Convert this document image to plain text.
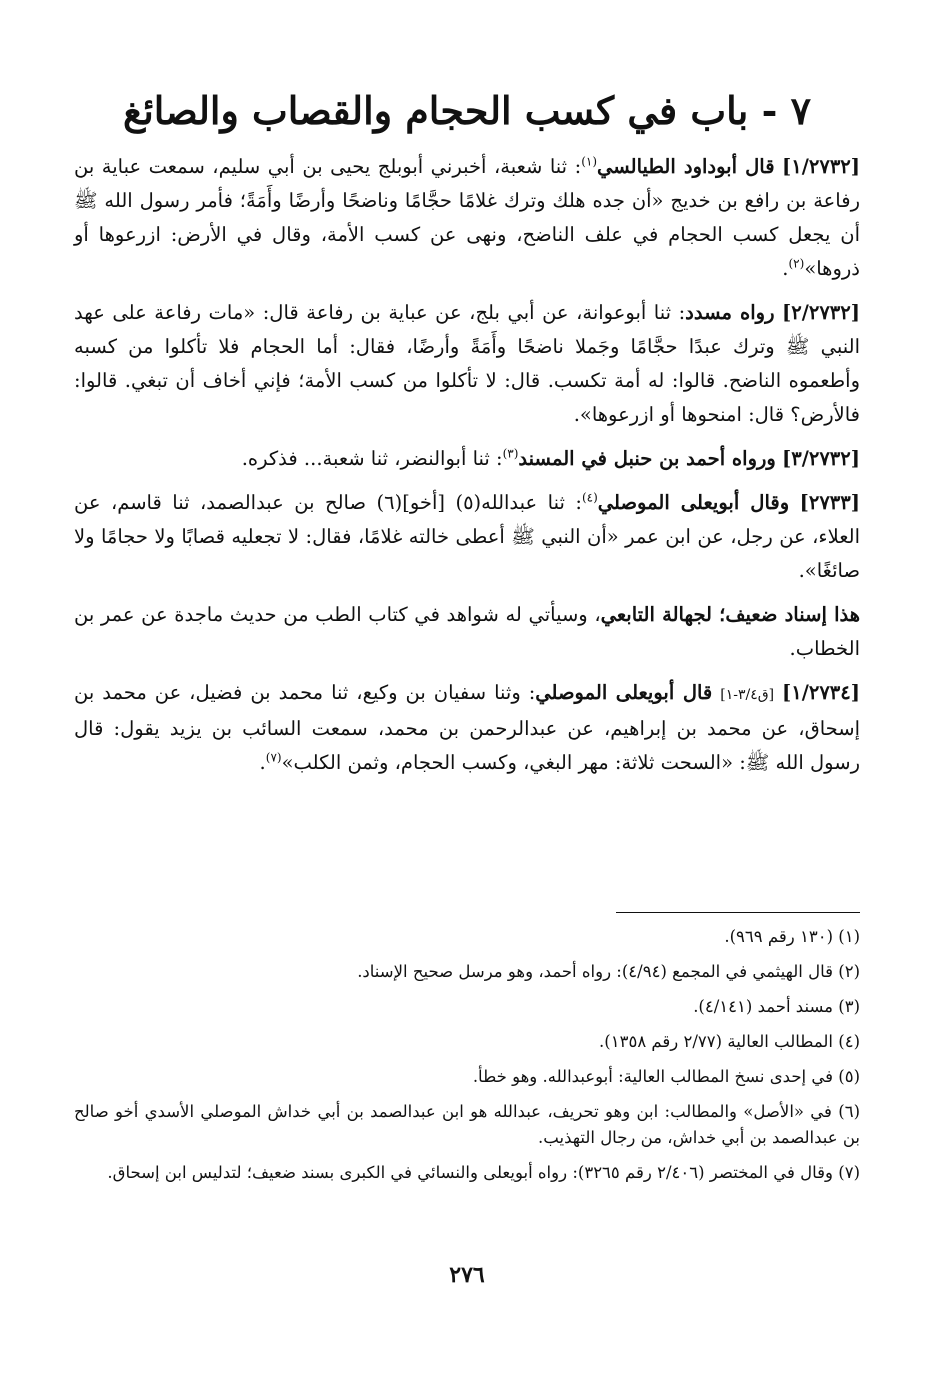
٧ - باب في كسب الحجام والقصاب والصائغ

[١/٢٧٣٢] قال أبوداود الطيالسي$^{(١)}$: ثنا شعبة، أخبرني أبوبلج يحيى بن أبي سليم، سمعت عباية بن رفاعة بن رافع بن خديج «أن جده هلك وترك غلامًا حجَّامًا وناضحًا وأرضًا وأَمَةً؛ فأمر رسول الله ﷺ أن يجعل كسب الحجام في علف الناضح، ونهى عن كسب الأمة، وقال في الأرض: ازرعوها أو ذروها»$^{(٢)}$.

[٢/٢٧٣٢] رواه مسدد: ثنا أبوعوانة، عن أبي بلج، عن عباية بن رفاعة قال: «مات رفاعة على عهد النبي ﷺ وترك عبدًا حجَّامًا وجَملا ناضحًا وأَمَةً وأرضًا، فقال: أما الحجام فلا تأكلوا من كسبه وأطعموه الناضح. قالوا: له أمة تكسب. قال: لا تأكلوا من كسب الأمة؛ فإني أخاف أن تبغي. قالوا: فالأرض؟ قال: امنحوها أو ازرعوها».

[٣/٢٧٣٢] ورواه أحمد بن حنبل في المسند$^{(٣)}$: ثنا أبوالنضر، ثنا شعبة... فذكره.

[٢٧٣٣] وقال أبويعلى الموصلي$^{(٤)}$: ثنا عبدالله(٥) [أخو](٦) صالح بن عبدالصمد، ثنا قاسم، عن العلاء، عن رجل، عن ابن عمر «أن النبي ﷺ أعطى خالته غلامًا، فقال: لا تجعليه قصابًا ولا حجامًا ولا صائغًا».

هذا إسناد ضعيف؛ لجهالة التابعي، وسيأتي له شواهد في كتاب الطب من حديث ماجدة عن عمر بن الخطاب.

[١/٢٧٣٤] [ق٣/٤-١] قال أبويعلى الموصلي: وثنا سفيان بن وكيع، ثنا محمد بن فضيل، عن محمد بن إسحاق، عن محمد بن إبراهيم، عن عبدالرحمن بن محمد، سمعت السائب بن يزيد يقول: قال رسول الله ﷺ: «السحت ثلاثة: مهر البغي، وكسب الحجام، وثمن الكلب»$^{(٧)}$.

(١) (١٣٠ رقم ٩٦٩).
(٢) قال الهيثمي في المجمع (٤/٩٤): رواه أحمد، وهو مرسل صحيح الإسناد.
(٣) مسند أحمد (٤/١٤١).
(٤) المطالب العالية (٢/٧٧ رقم ١٣٥٨).
(٥) في إحدى نسخ المطالب العالية: أبوعبدالله. وهو خطأ.
(٦) في «الأصل» والمطالب: ابن وهو تحريف، عبدالله هو ابن عبدالصمد بن أبي خداش الموصلي الأسدي أخو صالح بن عبدالصمد بن أبي خداش، من رجال التهذيب.
(٧) وقال في المختصر (٢/٤٠٦ رقم ٣٢٦٥): رواه أبويعلى والنسائي في الكبرى بسند ضعيف؛ لتدليس ابن إسحاق.
٢٧٦
